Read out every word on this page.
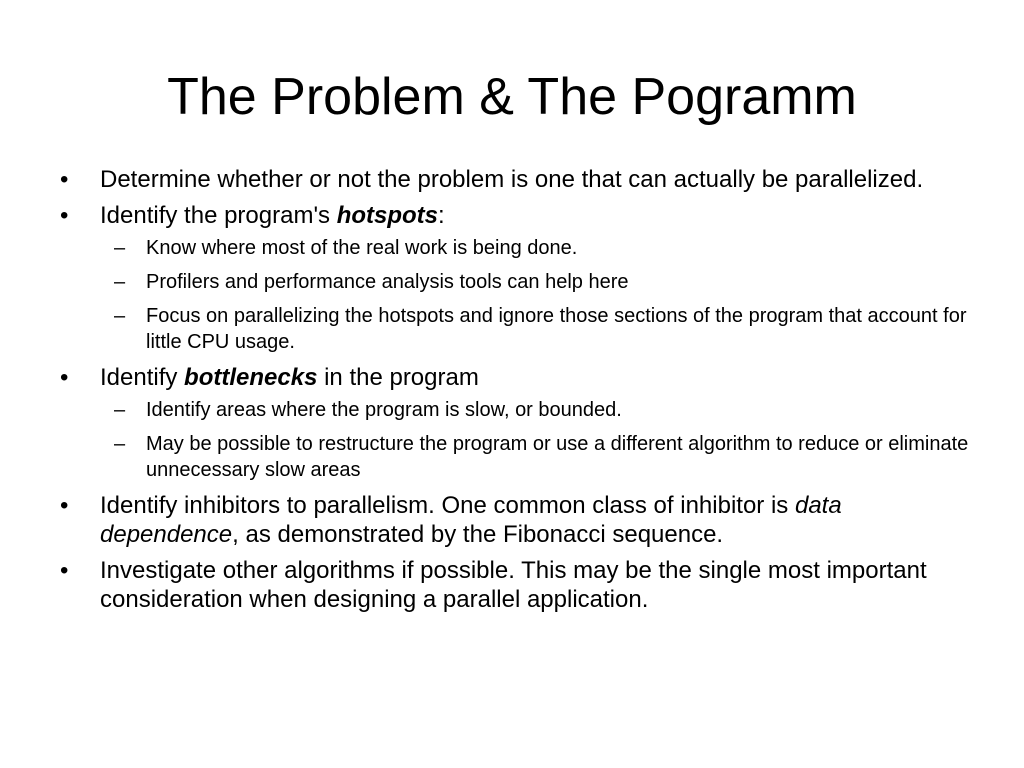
The Problem & The Pogramm
•	Determine whether or not the problem is one that can actually be parallelized.
•	Identify the program's hotspots:
– Know where most of the real work is being done.
– Profilers and performance analysis tools can help here
– Focus on parallelizing the hotspots and ignore those sections of the program that account for little CPU usage.
•	Identify bottlenecks in the program
– Identify areas where the program is slow, or bounded.
– May be possible to restructure the program or use a different algorithm to reduce or eliminate unnecessary slow areas
•	Identify inhibitors to parallelism. One common class of inhibitor is data dependence, as demonstrated by the Fibonacci sequence.
•	Investigate other algorithms if possible. This may be the single most important consideration when designing a parallel application.
